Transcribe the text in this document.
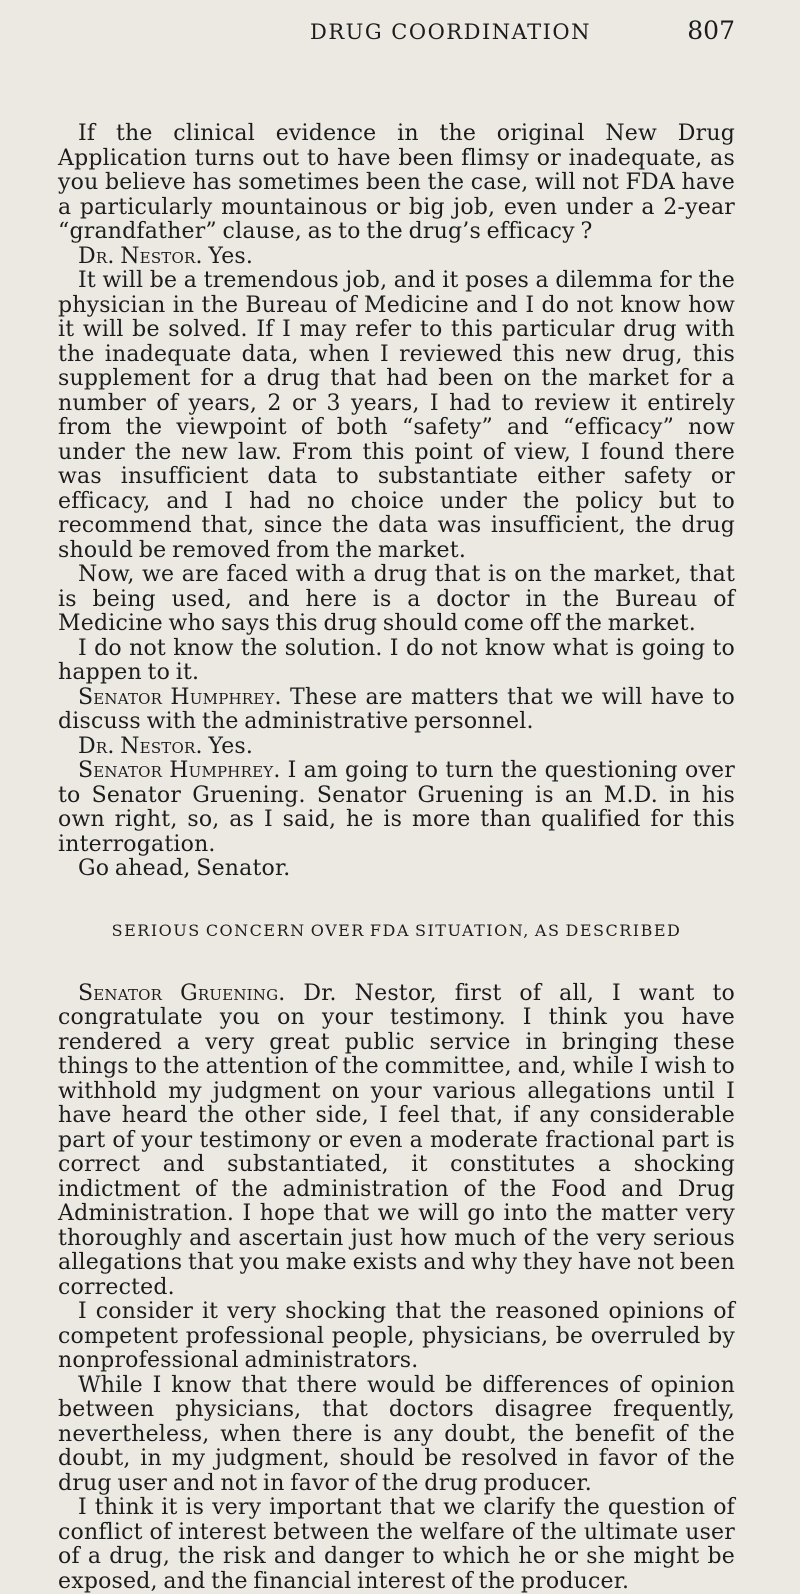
DRUG COORDINATION	807

If the clinical evidence in the original New Drug Application turns out to have been flimsy or inadequate, as you believe has sometimes been the case, will not FDA have a particularly mountainous or big job, even under a 2-year “grandfather” clause, as to the drug’s efficacy ?

Dr. Nestor. Yes.

It will be a tremendous job, and it poses a dilemma for the physician in the Bureau of Medicine and I do not know how it will be solved. If I may refer to this particular drug with the inadequate data, when I reviewed this new drug, this supplement for a drug that had been on the market for a number of years, 2 or 3 years, I had to review it entirely from the viewpoint of both “safety” and “efficacy” now under the new law. From this point of view, I found there was insufficient data to substantiate either safety or efficacy, and I had no choice under the policy but to recommend that, since the data was insufficient, the drug should be removed from the market.

Now, we are faced with a drug that is on the market, that is being used, and here is a doctor in the Bureau of Medicine who says this drug should come off the market.

I do not know the solution. I do not know what is going to happen to it.

Senator Humphrey. These are matters that we will have to discuss with the administrative personnel.

Dr. Nestor. Yes.

Senator Humphrey. I am going to turn the questioning over to Senator Gruening. Senator Gruening is an M.D. in his own right, so, as I said, he is more than qualified for this interrogation.

Go ahead, Senator.

SERIOUS CONCERN OVER FDA SITUATION, AS DESCRIBED

Senator Gruening. Dr. Nestor, first of all, I want to congratulate you on your testimony. I think you have rendered a very great public service in bringing these things to the attention of the committee, and, while I wish to withhold my judgment on your various allegations until I have heard the other side, I feel that, if any considerable part of your testimony or even a moderate fractional part is correct and substantiated, it constitutes a shocking indictment of the administration of the Food and Drug Administration. I hope that we will go into the matter very thoroughly and ascertain just how much of the very serious allegations that you make exists and why they have not been corrected.

I consider it very shocking that the reasoned opinions of competent professional people, physicians, be overruled by nonprofessional administrators.

While I know that there would be differences of opinion between physicians, that doctors disagree frequently, nevertheless, when there is any doubt, the benefit of the doubt, in my judgment, should be resolved in favor of the drug user and not in favor of the drug producer.

I think it is very important that we clarify the question of conflict of interest between the welfare of the ultimate user of a drug, the risk and danger to which he or she might be exposed, and the financial interest of the producer.
